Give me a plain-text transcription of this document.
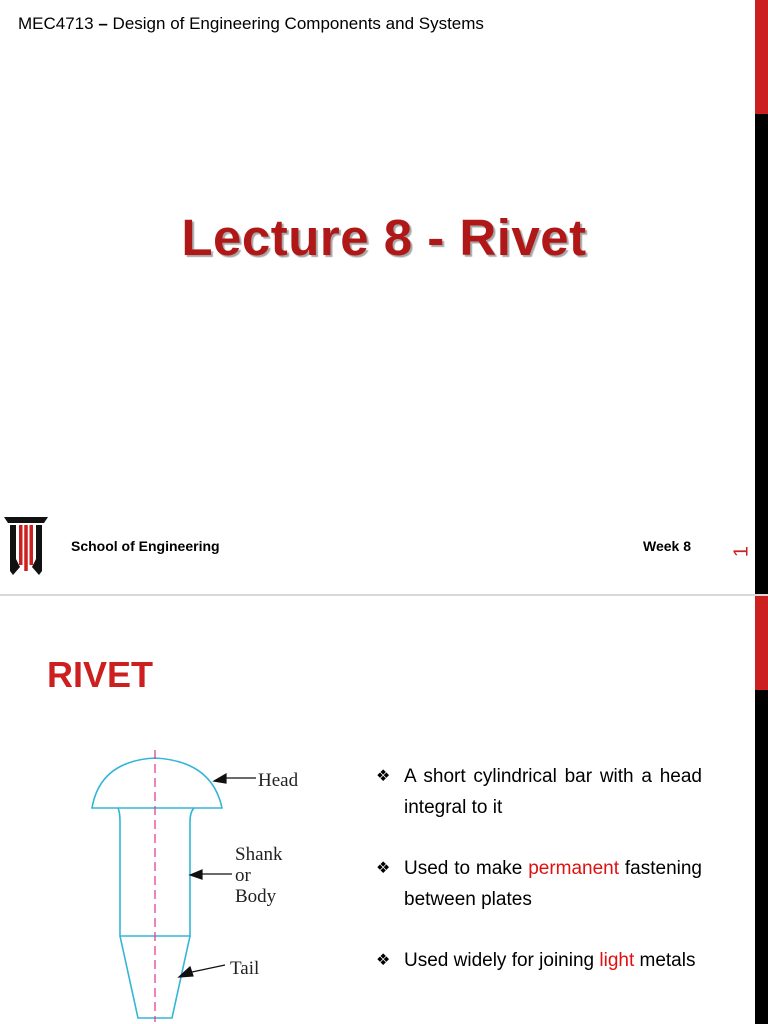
MEC4713 – Design of Engineering Components and Systems
Lecture 8 - Rivet
School of Engineering	Week 8 1
RIVET
Head
Shank
or
Body
Tail
❖ A short cylindrical bar with a head integral to it
❖ Used to make permanent fastening between plates
❖ Used widely for joining light metals
